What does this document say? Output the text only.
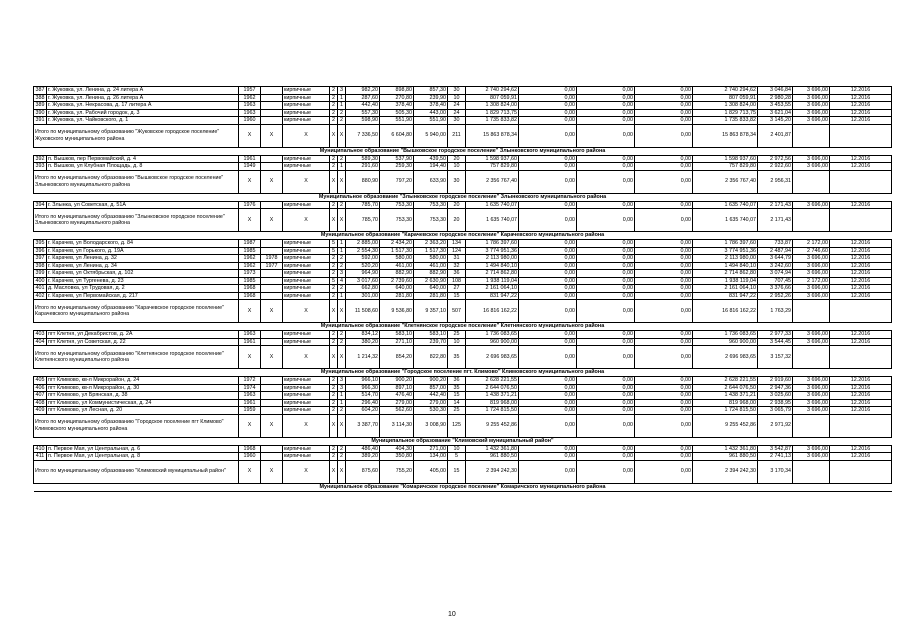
387	г. Жуковка, ул. Ленина, д. 24 литера А	1957		кирпичные	2	3	982,20	898,80	857,30	30	2 740 294,62	0,00	0,00	0,00	2 740 294,62	3 046,84	3 696,00	12.2016
388	г. Жуковка, ул. Ленина, д. 26 литера А	1962		кирпичные	2	1	287,60	270,80	239,90	10	807 059,91	0,00	0,00	0,00	807 059,91	2 980,28	3 696,00	12.2016
389	г. Жуковка, ул. Некрасова, д. 17 литера А	1963		кирпичные	2	1	442,40	378,40	378,40	24	1 308 824,00	0,00	0,00	0,00	1 308 824,00	3 453,55	3 696,00	12.2016
390	г. Жуковка, ул. Рабочий городок, д. 3	1963		кирпичные	2	2	557,30	505,30	443,00	24	1 829 713,75	0,00	0,00	0,00	1 829 713,75	3 621,04	3 696,00	12.2016
391	г. Жуковка, ул. Чайковского, д. 1	1960		кирпичные	2	2	598,90	551,90	551,90	30	1 735 833,82	0,00	0,00	0,00	1 735 833,82	3 145,20	3 696,00	12.2016
Итого по муниципальному образованию "Жуковское городское поселение" Жуковского муниципального района		X	X	X	X	X	7 336,50	6 604,80	5 940,00	211	15 863 878,34	0,00	0,00	0,00	15 863 878,34	2 401,87		
Муниципальное образование "Вышковское городское поселение" Злынковского муниципального района																		
392	п. Вышков, пер Первомайский, д. 4	1961		кирпичные	2	2	589,30	537,90	439,50	20	1 598 937,60	0,00	0,00	0,00	1 598 937,60	2 972,56	3 696,00	12.2016
393	п. Вышков, ул Клубная Площадь, д. 8	1949		кирпичные	2	1	291,60	259,30	194,40	10	757 829,80	0,00	0,00	0,00	757 829,80	2 922,60	3 696,00	12.2016
Итого по муниципальному образованию "Вышковское городское поселение" Злынковского муниципального района		X	X	X	X	X	880,90	797,20	633,90	30	2 356 767,40	0,00	0,00	0,00	2 356 767,40	2 956,31		
Муниципальное образование "Злынковское городское поселение" Злынковского муниципального района																		
394	г. Злынка, ул Советская, д. 51А	1976		кирпичные	2	2	785,70	753,30	753,30	20	1 635 740,07	0,00	0,00	0,00	1 635 740,07	2 171,43	3 696,00	12.2016
Итого по муниципальному образованию "Злынковское городское поселение" Злынковского муниципального района		X	X	X	X	X	785,70	753,30	753,30	20	1 635 740,07	0,00	0,00	0,00	1 635 740,07	2 171,43		
Муниципальное образование "Карачевское городское поселение" Карачевского муниципального района																		
395	г. Карачев, ул Володарского, д. 84	1987		кирпичные	5	1	2 885,00	2 434,20	2 363,20	134	1 786 397,60	0,00	0,00	0,00	1 786 397,60	733,87	2 172,00	12.2016
396	г. Карачев, ул Горького, д. 19А	1985		кирпичные	5	1	2 554,30	1 517,30	1 517,30	124	3 774 951,36	0,00	0,00	0,00	3 774 951,36	2 487,94	2 746,60	12.2016
397	г. Карачев, ул Ленина, д. 32	1962	1978	кирпичные	2	2	592,00	580,00	580,00	31	2 113 980,00	0,00	0,00	0,00	2 113 980,00	3 644,79	3 696,00	12.2016
398	г. Карачев, ул Ленина, д. 34	1962	1977	кирпичные	2	2	520,20	461,00	461,00	32	1 494 840,10	0,00	0,00	0,00	1 494 840,10	3 242,60	3 696,00	12.2016
399	г. Карачев, ул Октябрьская, д. 102	1973		кирпичные	2	3	964,90	882,90	882,90	36	2 714 862,80	0,00	0,00	0,00	2 714 862,80	3 074,94	3 696,00	12.2016
400	г. Карачев, ул Тургенева, д. 23	1985		кирпичные	5	4	3 017,60	2 739,60	2 630,90	108	1 938 119,04	0,00	0,00	0,00	1 938 119,04	707,45	2 172,00	12.2016
401	д. Масловка, ул Трудовая, д. 2	1968		кирпичные	2	2	662,80	640,00	640,00	27	2 161 064,10	0,00	0,00	0,00	2 161 064,10	3 376,66	3 696,00	12.2016
402	г. Карачев, ул Первомайская, д. 217	1968		кирпичные	2	1	301,00	281,80	281,80	15	831 947,22	0,00	0,00	0,00	831 947,22	2 952,26	3 696,00	12.2016
Итого по муниципальному образованию "Карачевское городское поселение" Карачевского муниципального района		X	X	X	X	X	11 508,60	9 536,80	9 357,10	507	16 816 162,22	0,00	0,00	0,00	16 816 162,22	1 763,29		
Муниципальное образование "Клетнянское городское поселение" Клетнянского муниципального района																		
403	пгт Клетня, ул Декабристов, д. 2А	1963		кирпичные	2	2	834,12	583,10	583,10	25	1 736 083,65	0,00	0,00	0,00	1 736 083,65	2 977,33	3 696,00	12.2016
404	пгт Клетня, ул Советская, д. 22	1961		кирпичные	2	2	380,20	271,10	239,70	10	960 900,00	0,00	0,00	0,00	960 900,00	3 544,45	3 696,00	12.2016
Итого по муниципальному образованию "Клетнянское городское поселение" Клетнянского муниципального района		X	X	X	X	X	1 214,32	854,20	822,80	35	2 696 983,65	0,00	0,00	0,00	2 696 983,65	3 157,32		
Муниципальное образование "Городское поселение пгт. Климово" Климовского муниципального района																		
405	пгт Климово, кв-л Микрорайон, д. 24	1972		кирпичные	2	3	966,10	900,20	900,20	36	2 628 221,55	0,00	0,00	0,00	2 628 221,55	2 919,60	3 696,00	12.2016
406	пгт Климово, кв-л Микрорайон, д. 30	1974		кирпичные	2	3	966,30	897,10	857,00	35	2 644 076,50	0,00	0,00	0,00	2 644 076,50	2 947,36	3 696,00	12.2016
407	пгт Климово, ул Брянская, д. 38	1963		кирпичные	2	1	514,70	476,40	442,40	15	1 438 371,21	0,00	0,00	0,00	1 438 371,21	3 025,60	3 696,00	12.2016
408	пгт Климово, ул Коммунистическая, д. 24	1961		кирпичные	2	1	296,40	279,00	279,00	14	819 968,00	0,00	0,00	0,00	819 968,00	2 938,95	3 696,00	12.2016
409	пгт Климово, ул Лесная, д. 20	1959		кирпичные	2	2	604,20	562,60	530,30	25	1 724 815,50	0,00	0,00	0,00	1 724 815,50	3 065,79	3 696,00	12.2016
Итого по муниципальному образованию "Городское поселение пгт Климово" Климовского муниципального района		X	X	X	X	X	3 387,70	3 114,30	3 008,90	125	9 255 452,86	0,00	0,00	0,00	9 255 452,86	2 971,92		
Муниципальное образование "Климовский муниципальный район"																		
410	п. Первое Мая, ул Центральная, д. 6	1968		кирпичные	2	2	486,40	404,30	271,00	10	1 432 361,80	0,00	0,00	0,00	1 432 361,80	3 542,87	3 696,00	12.2016
411	п. Первое Мая, ул Центральная, д. 8	1960		кирпичные	2	2	389,20	350,80	134,00	5	961 880,50	0,00	0,00	0,00	961 880,50	2 741,13	3 696,00	12.2016
Итого по муниципальному образованию "Климовский муниципальный район"		X	X	X	X	X	875,60	755,20	405,00	15	2 394 242,30	0,00	0,00	0,00	2 394 242,30	3 170,34		
Муниципальное образование "Комаричское городское поселение" Комаричского муниципального района																		
10
